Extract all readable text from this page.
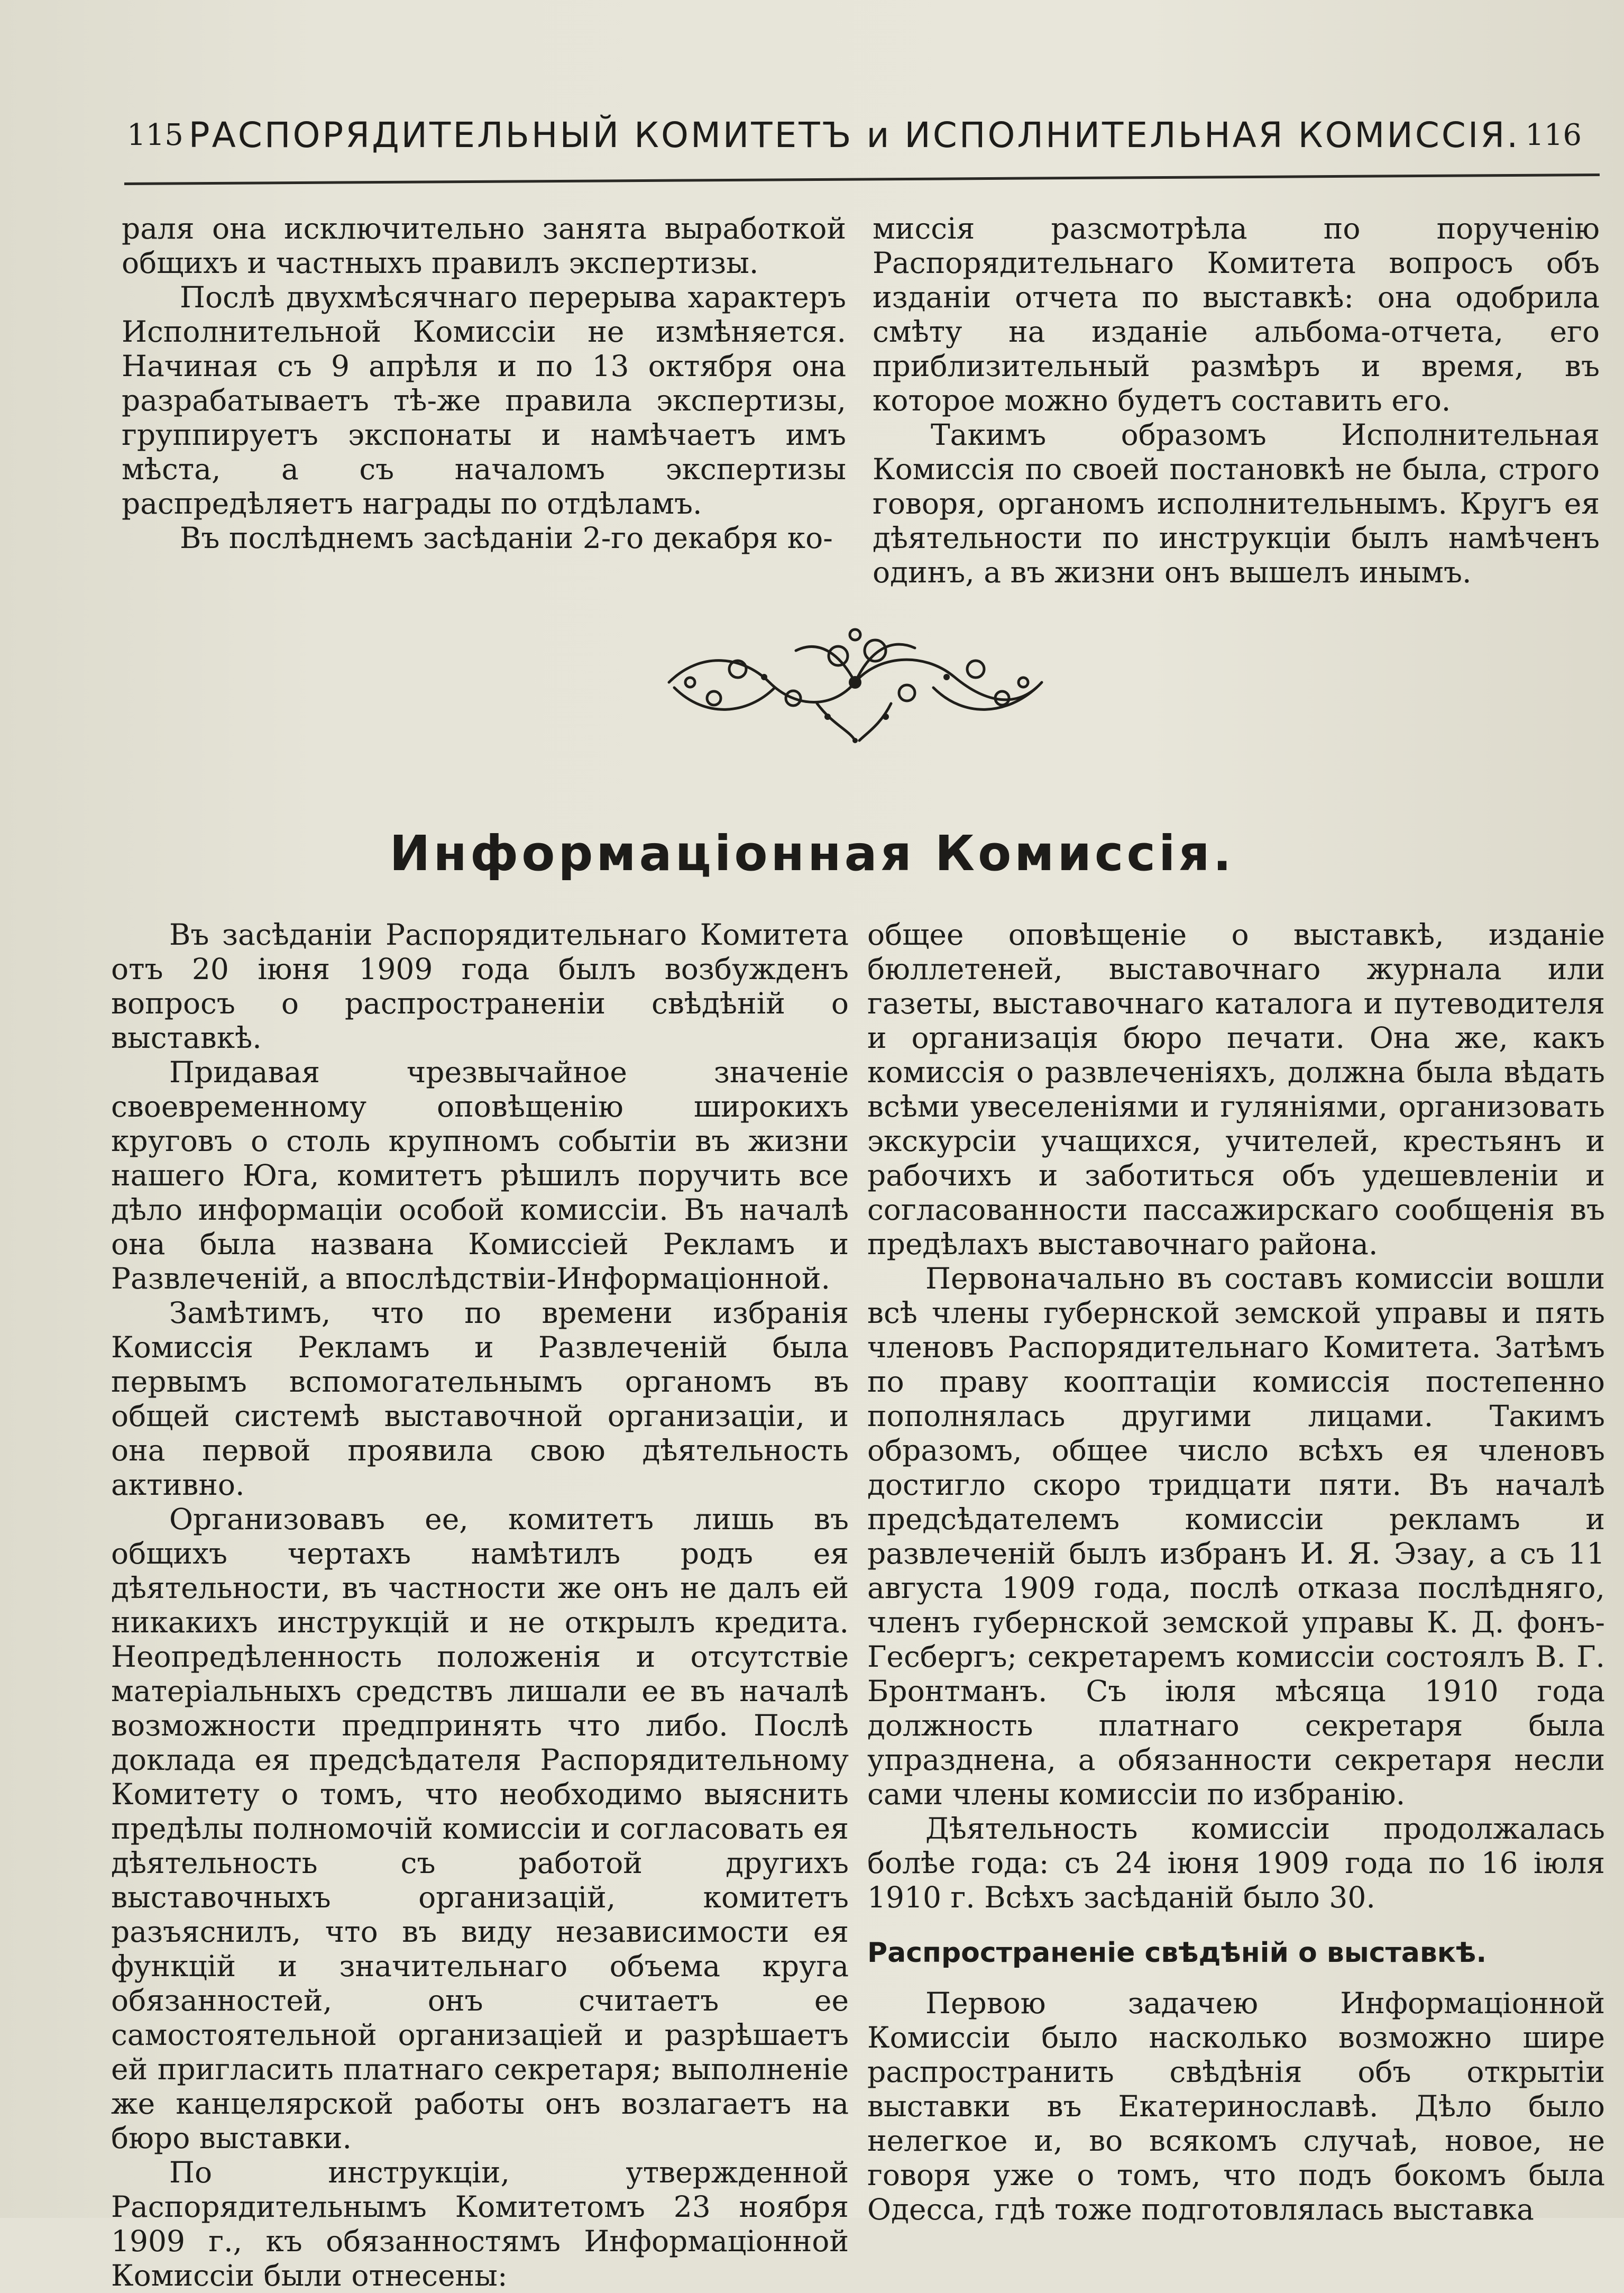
115 РАСПОРЯДИТЕЛЬНЫЙ КОМИТЕТЪ и ИСПОЛНИТЕЛЬНАЯ КОМИССІЯ. 116

раля она исключительно занята выработкой общихъ и частныхъ правилъ экспертизы.

Послѣ двухмѣсячнаго перерыва характеръ Исполнительной Комиссіи не измѣняется. Начиная съ 9 апрѣля и по 13 октября она разрабатываетъ тѣ-же правила экспертизы, группируетъ экспонаты и намѣчаетъ имъ мѣста, а съ началомъ экспертизы распредѣляетъ награды по отдѣламъ.

Въ послѣднемъ засѣданіи 2-го декабря ко-

миссія разсмотрѣла по порученію Распорядительнаго Комитета вопросъ объ изданіи отчета по выставкѣ: она одобрила смѣту на изданіе альбома-отчета, его приблизительный размѣръ и время, въ которое можно будетъ составить его.

Такимъ образомъ Исполнительная Комиссія по своей постановкѣ не была, строго говоря, органомъ исполнительнымъ. Кругъ ея дѣятельности по инструкціи былъ намѣченъ одинъ, а въ жизни онъ вышелъ инымъ.

Информаціонная Комиссія.

Въ засѣданіи Распорядительнаго Комитета отъ 20 іюня 1909 года былъ возбужденъ вопросъ о распространеніи свѣдѣній о выставкѣ.

Придавая чрезвычайное значеніе своевременному оповѣщенію широкихъ круговъ о столь крупномъ событіи въ жизни нашего Юга, комитетъ рѣшилъ поручить все дѣло информаціи особой комиссіи. Въ началѣ она была названа Комиссіей Рекламъ и Развлеченій, а впослѣдствіи-Информаціонной.

Замѣтимъ, что по времени избранія Комиссія Рекламъ и Развлеченій была первымъ вспомогательнымъ органомъ въ общей системѣ выставочной организаціи, и она первой проявила свою дѣятельность активно.

Организовавъ ее, комитетъ лишь въ общихъ чертахъ намѣтилъ родъ ея дѣятельности, въ частности же онъ не далъ ей никакихъ инструкцій и не открылъ кредита. Неопредѣленность положенія и отсутствіе матеріальныхъ средствъ лишали ее въ началѣ возможности предпринять что либо. Послѣ доклада ея предсѣдателя Распорядительному Комитету о томъ, что необходимо выяснить предѣлы полномочій комиссіи и согласовать ея дѣятельность съ работой другихъ выставочныхъ организацій, комитетъ разъяснилъ, что въ виду независимости ея функцій и значительнаго объема круга обязанностей, онъ считаетъ ее самостоятельной организаціей и разрѣшаетъ ей пригласить платнаго секретаря; выполненіе же канцелярской работы онъ возлагаетъ на бюро выставки.

По инструкціи, утвержденной Распорядительнымъ Комитетомъ 23 ноября 1909 г., къ обязанностямъ Информаціонной Комиссіи были отнесены:

общее оповѣщеніе о выставкѣ, изданіе бюллетеней, выставочнаго журнала или газеты, выставочнаго каталога и путеводителя и организація бюро печати. Она же, какъ комиссія о развлеченіяхъ, должна была вѣдать всѣми увеселеніями и гуляніями, организовать экскурсіи учащихся, учителей, крестьянъ и рабочихъ и заботиться объ удешевленіи и согласованности пассажирскаго сообщенія въ предѣлахъ выставочнаго района.

Первоначально въ составъ комиссіи вошли всѣ члены губернской земской управы и пять членовъ Распорядительнаго Комитета. Затѣмъ по праву кооптаціи комиссія постепенно пополнялась другими лицами. Такимъ образомъ, общее число всѣхъ ея членовъ достигло скоро тридцати пяти. Въ началѣ предсѣдателемъ комиссіи рекламъ и развлеченій былъ избранъ И. Я. Эзау, а съ 11 августа 1909 года, послѣ отказа послѣдняго, членъ губернской земской управы К. Д. фонъ-Гесбергъ; секретаремъ комиссіи состоялъ В. Г. Бронтманъ. Съ іюля мѣсяца 1910 года должность платнаго секретаря была упразднена, а обязанности секретаря несли сами члены комиссіи по избранію.

Дѣятельность комиссіи продолжалась болѣе года: съ 24 іюня 1909 года по 16 іюля 1910 г. Всѣхъ засѣданій было 30.

Распространеніе свѣдѣній о выставкѣ.

Первою задачею Информаціонной Комиссіи было насколько возможно шире распространить свѣдѣнія объ открытіи выставки въ Екатеринославѣ. Дѣло было нелегкое и, во всякомъ случаѣ, новое, не говоря уже о томъ, что подъ бокомъ была Одесса, гдѣ тоже подготовлялась выставка
